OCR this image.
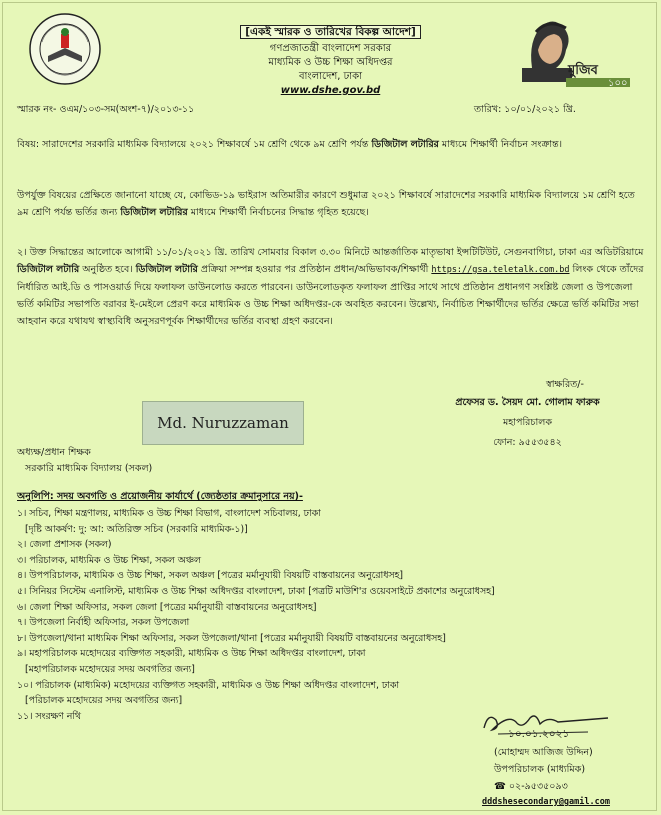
মুজিব
১০০
[একই স্মারক ও তারিখের বিকল্প আদেশ]
গণপ্রজাতন্ত্রী বাংলাদেশ সরকার
মাধ্যমিক ও উচ্চ শিক্ষা অধিদপ্তর
বাংলাদেশ, ঢাকা
www.dshe.gov.bd
স্মারক নং- ওএম/১০৩-সম(অংশ-৭)/২০১৩-১১	তারিখ: ১০/০১/২০২১ খ্রি.
বিষয়: সারাদেশের সরকারি মাধ্যমিক বিদ্যালয়ে ২০২১ শিক্ষাবর্ষে ১ম শ্রেণি থেকে ৯ম শ্রেণি পর্যন্ত ডিজিটাল লটারির মাধ্যমে শিক্ষার্থী নির্বাচন সংক্রান্ত।
উপর্যুক্ত বিষয়ের প্রেক্ষিতে জানানো যাচ্ছে যে, কোভিড-১৯ ভাইরাস অতিমারীর কারণে শুধুমাত্র ২০২১ শিক্ষাবর্ষে সারাদেশের সরকারি মাধ্যমিক বিদ্যালয়ে ১ম শ্রেণি হতে ৯ম শ্রেণি পর্যন্ত ভর্তির জন্য ডিজিটাল লটারির মাধ্যমে শিক্ষার্থী নির্বাচনের সিদ্ধান্ত গৃহিত হয়েছে।
২। উক্ত সিদ্ধান্তের আলোকে আগামী ১১/০১/২০২১ খ্রি. তারিখ সোমবার বিকাল ৩.৩০ মিনিটে আন্তর্জাতিক মাতৃভাষা ইন্সটিটিউট, সেগুনবাগিচা, ঢাকা এর অডিটরিয়ামে ডিজিটাল লটারি অনুষ্ঠিত হবে। ডিজিটাল লটারি প্রক্রিয়া সম্পন্ন হওয়ার পর প্রতিষ্ঠান প্রধান/অভিভাবক/শিক্ষার্থী https://gsa.teletalk.com.bd লিংক থেকে তাঁদের নির্ধারিত আই.ডি ও পাসওয়ার্ড দিয়ে ফলাফল ডাউনলোড করতে পারবেন। ডাউনলোডকৃত ফলাফল প্রাপ্তির সাথে সাথে প্রতিষ্ঠান প্রধানগণ সংশ্লিষ্ট জেলা ও উপজেলা ভর্তি কমিটির সভাপতি বরাবর ই-মেইলে প্রেরণ করে মাধ্যমিক ও উচ্চ শিক্ষা অধিদপ্তর-কে অবহিত করবেন। উল্লেখ্য, নির্বাচিত শিক্ষার্থীদের ভর্তির ক্ষেত্রে ভর্তি কমিটির সভা আহবান করে যথাযথ স্বাস্থ্যবিধি অনুসরণপূর্বক শিক্ষার্থীদের ভর্তির ব্যবস্থা গ্রহণ করবেন।
স্বাক্ষরিত/-
প্রফেসর ড. সৈয়দ মো. গোলাম ফারুক
মহাপরিচালক
ফোন: ৯৫৫৩৫৪২
Md. Nuruzzaman
অধ্যক্ষ/প্রধান শিক্ষক
সরকারি মাধ্যমিক বিদ্যালয় (সকল)
অনুলিপি: সদয় অবগতি ও প্রয়োজনীয় কার্যার্থে (জ্যেষ্ঠতার ক্রমানুসারে নয়)-
১। সচিব, শিক্ষা মন্ত্রণালয়, মাধ্যমিক ও উচ্চ শিক্ষা বিভাগ, বাংলাদেশ সচিবালয়, ঢাকা
[দৃষ্টি আকর্ষণ: দু: আ: অতিরিক্ত সচিব (সরকারি মাধ্যমিক-১)]
২। জেলা প্রশাসক (সকল)
৩। পরিচালক, মাধ্যমিক ও উচ্চ শিক্ষা, সকল অঞ্চল
৪। উপপরিচালক, মাধ্যমিক ও উচ্চ শিক্ষা, সকল অঞ্চল [পত্রের মর্মানুযায়ী বিষয়টি বাস্তবায়নের অনুরোধসহ]
৫। সিনিয়র সিস্টেম এনালিস্ট, মাধ্যমিক ও উচ্চ শিক্ষা অধিদপ্তর বাংলাদেশ, ঢাকা [পত্রটি মাউশি'র ওয়েবসাইটে প্রকাশের অনুরোধসহ]
৬। জেলা শিক্ষা অফিসার, সকল জেলা [পত্রের মর্মানুযায়ী বাস্তবায়নের অনুরোধসহ]
৭। উপজেলা নির্বাহী অফিসার, সকল উপজেলা
৮। উপজেলা/থানা মাধ্যমিক শিক্ষা অফিসার, সকল উপজেলা/থানা [পত্রের মর্মানুযায়ী বিষয়টি বাস্তবায়নের অনুরোধসহ]
৯। মহাপরিচালক মহোদয়ের ব্যক্তিগত সহকারী, মাধ্যমিক ও উচ্চ শিক্ষা অধিদপ্তর বাংলাদেশ, ঢাকা
[মহাপরিচালক মহোদয়ের সদয় অবগতির জন্য]
১০। পরিচালক (মাধ্যমিক) মহোদয়ের ব্যক্তিগত সহকারী, মাধ্যমিক ও উচ্চ শিক্ষা অধিদপ্তর বাংলাদেশ, ঢাকা
[পরিচালক মহোদয়ের সদয় অবগতির জন্য]
১১। সংরক্ষণ নথি
১০.০১.২০২১
(মোহাম্মদ আজিজ উদ্দিন)
উপপরিচালক (মাধ্যমিক)
☎ ০২-৯৫৩৫০৯৩
dddshesecondary@gamil.com
